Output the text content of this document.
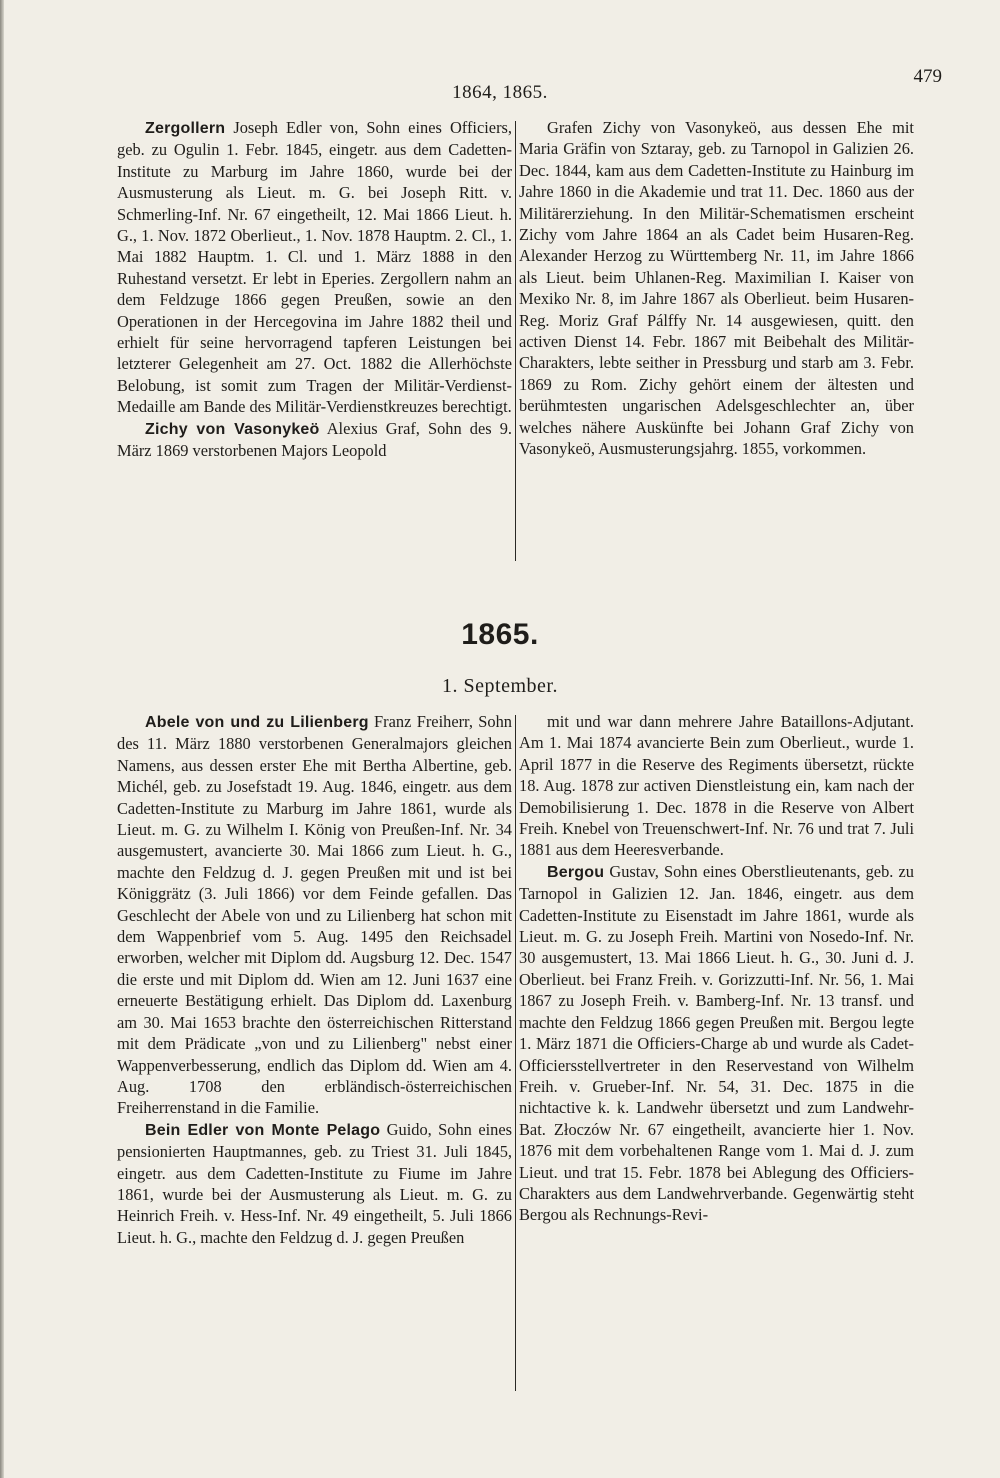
1864, 1865.
479

Zergollern Joseph Edler von, Sohn eines Officiers, geb. zu Ogulin 1. Febr. 1845, eingetr. aus dem Cadetten-Institute zu Marburg im Jahre 1860, wurde bei der Ausmusterung als Lieut. m. G. bei Joseph Ritt. v. Schmerling-Inf. Nr. 67 eingetheilt, 12. Mai 1866 Lieut. h. G., 1. Nov. 1872 Oberlieut., 1. Nov. 1878 Hauptm. 2. Cl., 1. Mai 1882 Hauptm. 1. Cl. und 1. März 1888 in den Ruhestand versetzt. Er lebt in Eperies. Zergollern nahm an dem Feldzuge 1866 gegen Preußen, sowie an den Operationen in der Hercegovina im Jahre 1882 theil und erhielt für seine hervorragend tapferen Leistungen bei letzterer Gelegenheit am 27. Oct. 1882 die Allerhöchste Belobung, ist somit zum Tragen der Militär-Verdienst-Medaille am Bande des Militär-Verdienstkreuzes berechtigt.

Zichy von Vasonykeö Alexius Graf, Sohn des 9. März 1869 verstorbenen Majors Leopold

Grafen Zichy von Vasonykeö, aus dessen Ehe mit Maria Gräfin von Sztaray, geb. zu Tarnopol in Galizien 26. Dec. 1844, kam aus dem Cadetten-Institute zu Hainburg im Jahre 1860 in die Akademie und trat 11. Dec. 1860 aus der Militärerziehung. In den Militär-Schematismen erscheint Zichy vom Jahre 1864 an als Cadet beim Husaren-Reg. Alexander Herzog zu Württemberg Nr. 11, im Jahre 1866 als Lieut. beim Uhlanen-Reg. Maximilian I. Kaiser von Mexiko Nr. 8, im Jahre 1867 als Oberlieut. beim Husaren-Reg. Moriz Graf Pálffy Nr. 14 ausgewiesen, quitt. den activen Dienst 14. Febr. 1867 mit Beibehalt des Militär-Charakters, lebte seither in Pressburg und starb am 3. Febr. 1869 zu Rom. Zichy gehört einem der ältesten und berühmtesten ungarischen Adelsgeschlechter an, über welches nähere Auskünfte bei Johann Graf Zichy von Vasonykeö, Ausmusterungsjahrg. 1855, vorkommen.

1865.
1. September.

Abele von und zu Lilienberg Franz Freiherr, Sohn des 11. März 1880 verstorbenen Generalmajors gleichen Namens, aus dessen erster Ehe mit Bertha Albertine, geb. Michél, geb. zu Josefstadt 19. Aug. 1846, eingetr. aus dem Cadetten-Institute zu Marburg im Jahre 1861, wurde als Lieut. m. G. zu Wilhelm I. König von Preußen-Inf. Nr. 34 ausgemustert, avancierte 30. Mai 1866 zum Lieut. h. G., machte den Feldzug d. J. gegen Preußen mit und ist bei Königgrätz (3. Juli 1866) vor dem Feinde gefallen. Das Geschlecht der Abele von und zu Lilienberg hat schon mit dem Wappenbrief vom 5. Aug. 1495 den Reichsadel erworben, welcher mit Diplom dd. Augsburg 12. Dec. 1547 die erste und mit Diplom dd. Wien am 12. Juni 1637 eine erneuerte Bestätigung erhielt. Das Diplom dd. Laxenburg am 30. Mai 1653 brachte den österreichischen Ritterstand mit dem Prädicate „von und zu Lilienberg" nebst einer Wappenverbesserung, endlich das Diplom dd. Wien am 4. Aug. 1708 den erbländisch-österreichischen Freiherrenstand in die Familie.

Bein Edler von Monte Pelago Guido, Sohn eines pensionierten Hauptmannes, geb. zu Triest 31. Juli 1845, eingetr. aus dem Cadetten-Institute zu Fiume im Jahre 1861, wurde bei der Ausmusterung als Lieut. m. G. zu Heinrich Freih. v. Hess-Inf. Nr. 49 eingetheilt, 5. Juli 1866 Lieut. h. G., machte den Feldzug d. J. gegen Preußen

mit und war dann mehrere Jahre Bataillons-Adjutant. Am 1. Mai 1874 avancierte Bein zum Oberlieut., wurde 1. April 1877 in die Reserve des Regiments übersetzt, rückte 18. Aug. 1878 zur activen Dienstleistung ein, kam nach der Demobilisierung 1. Dec. 1878 in die Reserve von Albert Freih. Knebel von Treuenschwert-Inf. Nr. 76 und trat 7. Juli 1881 aus dem Heeresverbande.

Bergou Gustav, Sohn eines Oberstlieutenants, geb. zu Tarnopol in Galizien 12. Jan. 1846, eingetr. aus dem Cadetten-Institute zu Eisenstadt im Jahre 1861, wurde als Lieut. m. G. zu Joseph Freih. Martini von Nosedo-Inf. Nr. 30 ausgemustert, 13. Mai 1866 Lieut. h. G., 30. Juni d. J. Oberlieut. bei Franz Freih. v. Gorizzutti-Inf. Nr. 56, 1. Mai 1867 zu Joseph Freih. v. Bamberg-Inf. Nr. 13 transf. und machte den Feldzug 1866 gegen Preußen mit. Bergou legte 1. März 1871 die Officiers-Charge ab und wurde als Cadet-Officiersstellvertreter in den Reservestand von Wilhelm Freih. v. Grueber-Inf. Nr. 54, 31. Dec. 1875 in die nichtactive k. k. Landwehr übersetzt und zum Landwehr-Bat. Złoczów Nr. 67 eingetheilt, avancierte hier 1. Nov. 1876 mit dem vorbehaltenen Range vom 1. Mai d. J. zum Lieut. und trat 15. Febr. 1878 bei Ablegung des Officiers-Charakters aus dem Landwehrverbande. Gegenwärtig steht Bergou als Rechnungs-Revi-
